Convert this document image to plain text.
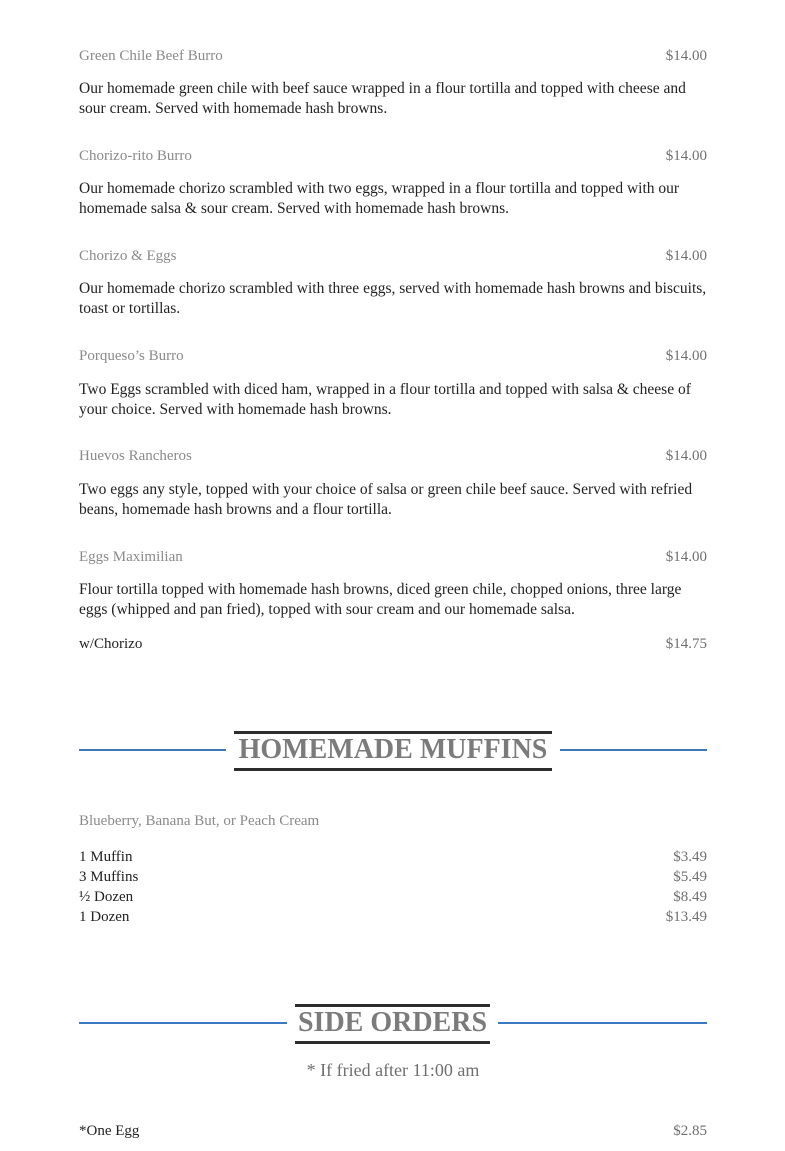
Green Chile Beef Burro	$14.00
Our homemade green chile with beef sauce wrapped in a flour tortilla and topped with cheese and sour cream. Served with homemade hash browns.
Chorizo-rito Burro	$14.00
Our homemade chorizo scrambled with two eggs, wrapped in a flour tortilla and topped with our homemade salsa & sour cream. Served with homemade hash browns.
Chorizo & Eggs	$14.00
Our homemade chorizo scrambled with three eggs, served with homemade hash browns and biscuits, toast or tortillas.
Porqueso’s Burro	$14.00
Two Eggs scrambled with diced ham, wrapped in a flour tortilla and topped with salsa & cheese of your choice. Served with homemade hash browns.
Huevos Rancheros	$14.00
Two eggs any style, topped with your choice of salsa or green chile beef sauce. Served with refried beans, homemade hash browns and a flour tortilla.
Eggs Maximilian	$14.00
Flour tortilla topped with homemade hash browns, diced green chile, chopped onions, three large eggs (whipped and pan fried), topped with sour cream and our homemade salsa.
w/Chorizo	$14.75
HOMEMADE MUFFINS
Blueberry, Banana But, or Peach Cream
1 Muffin	$3.49
3 Muffins	$5.49
½ Dozen	$8.49
1 Dozen	$13.49
SIDE ORDERS
* If fried after 11:00 am
*One Egg	$2.85
